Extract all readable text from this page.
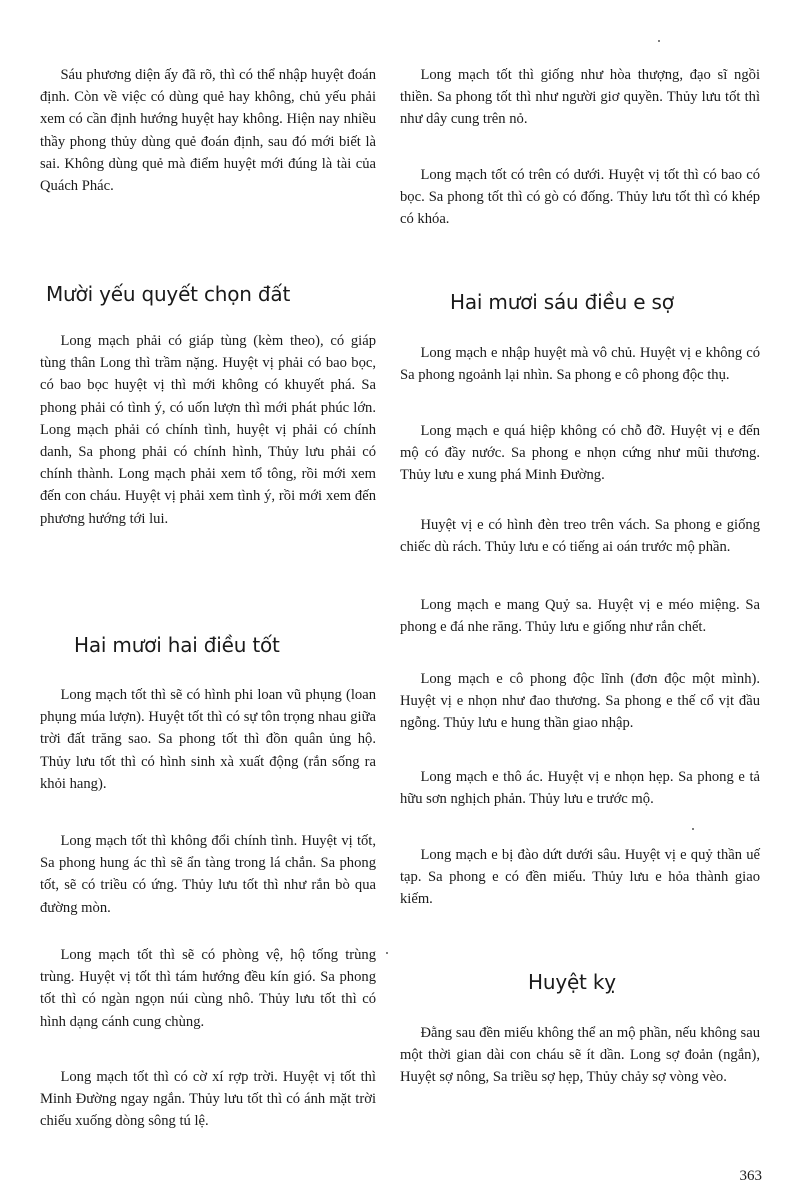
Sáu phương diện ấy đã rõ, thì có thể nhập huyệt đoán định. Còn về việc có dùng quẻ hay không, chủ yếu phải xem có cần định hướng huyệt hay không. Hiện nay nhiều thầy phong thủy dùng quẻ đoán định, sau đó mới biết là sai. Không dùng quẻ mà điểm huyệt mới đúng là tài của Quách Phác.

Mười yếu quyết chọn đất

Long mạch phải có giáp tùng (kèm theo), có giáp tùng thân Long thì trầm nặng. Huyệt vị phải có bao bọc, có bao bọc huyệt vị thì mới không có khuyết phá. Sa phong phải có tình ý, có uốn lượn thì mới phát phúc lớn. Long mạch phải có chính tình, huyệt vị phải có chính danh, Sa phong phải có chính hình, Thủy lưu phải có chính thành. Long mạch phải xem tổ tông, rồi mới xem đến con cháu. Huyệt vị phải xem tình ý, rồi mới xem đến phương hướng tới lui.

Hai mươi hai điều tốt

Long mạch tốt thì sẽ có hình phi loan vũ phụng (loan phụng múa lượn). Huyệt tốt thì có sự tôn trọng nhau giữa trời đất trăng sao. Sa phong tốt thì đồn quân ủng hộ. Thủy lưu tốt thì có hình sinh xà xuất động (rắn sống ra khỏi hang).

Long mạch tốt thì không đổi chính tình. Huyệt vị tốt, Sa phong hung ác thì sẽ ẩn tàng trong lá chắn. Sa phong tốt, sẽ có triều có ứng. Thủy lưu tốt thì như rắn bò qua đường mòn.

Long mạch tốt thì sẽ có phòng vệ, hộ tống trùng trùng. Huyệt vị tốt thì tám hướng đều kín gió. Sa phong tốt thì có ngàn ngọn núi cùng nhô. Thủy lưu tốt thì có hình dạng cánh cung chùng.

Long mạch tốt thì có cờ xí rợp trời. Huyệt vị tốt thì Minh Đường ngay ngắn. Thủy lưu tốt thì có ánh mặt trời chiếu xuống dòng sông tú lệ.

Long mạch tốt thì giống như hòa thượng, đạo sĩ ngồi thiền. Sa phong tốt thì như người giơ quyền. Thủy lưu tốt thì như dây cung trên nỏ.

Long mạch tốt có trên có dưới. Huyệt vị tốt thì có bao có bọc. Sa phong tốt thì có gò có đống. Thủy lưu tốt thì có khép có khóa.

Hai mươi sáu điều e sợ

Long mạch e nhập huyệt mà vô chủ. Huyệt vị e không có Sa phong ngoảnh lại nhìn. Sa phong e cô phong độc thụ.

Long mạch e quá hiệp không có chỗ đỡ. Huyệt vị e đến mộ có đầy nước. Sa phong e nhọn cứng như mũi thương. Thủy lưu e xung phá Minh Đường.

Huyệt vị e có hình đèn treo trên vách. Sa phong e giống chiếc dù rách. Thủy lưu e có tiếng ai oán trước mộ phần.

Long mạch e mang Quỷ sa. Huyệt vị e méo miệng. Sa phong e đá nhe răng. Thủy lưu e giống như rắn chết.

Long mạch e cô phong độc lĩnh (đơn độc một mình). Huyệt vị e nhọn như đao thương. Sa phong e thế cổ vịt đầu ngỗng. Thủy lưu e hung thần giao nhập.

Long mạch e thô ác. Huyệt vị e nhọn hẹp. Sa phong e tả hữu sơn nghịch phản. Thủy lưu e trước mộ.

Long mạch e bị đào dứt dưới sâu. Huyệt vị e quỷ thần uế tạp. Sa phong e có đền miếu. Thủy lưu e hỏa thành giao kiếm.

Huyệt kỵ

Đằng sau đền miếu không thể an mộ phần, nếu không sau một thời gian dài con cháu sẽ ít dần. Long sợ đoản (ngắn), Huyệt sợ nông, Sa triều sợ hẹp, Thủy chảy sợ vòng vèo.

363
